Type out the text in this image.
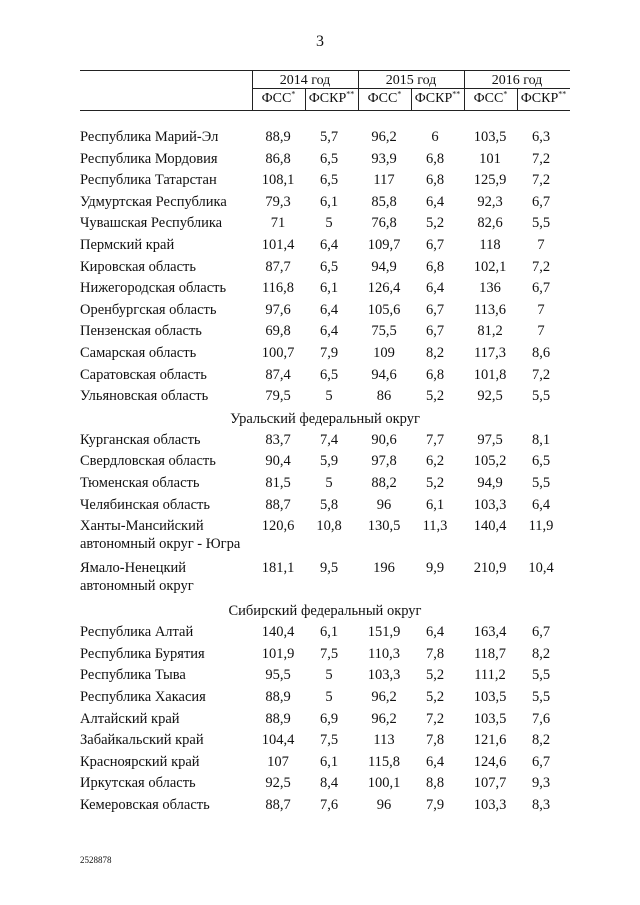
3
2014 год
ФСС* ФСКР**
2015 год
ФСС* ФСКР**
2016 год
ФСС* ФСКР**
Республика Марий-Эл	88,9	5,7	96,2	6	103,5	6,3
Республика Мордовия	86,8	6,5	93,9	6,8	101	7,2
Республика Татарстан	108,1	6,5	117	6,8	125,9	7,2
Удмуртская Республика	79,3	6,1	85,8	6,4	92,3	6,7
Чувашская Республика	71	5	76,8	5,2	82,6	5,5
Пермский край	101,4	6,4	109,7	6,7	118	7
Кировская область	87,7	6,5	94,9	6,8	102,1	7,2
Нижегородская область	116,8	6,1	126,4	6,4	136	6,7
Оренбургская область	97,6	6,4	105,6	6,7	113,6	7
Пензенская область	69,8	6,4	75,5	6,7	81,2	7
Самарская область	100,7	7,9	109	8,2	117,3	8,6
Саратовская область	87,4	6,5	94,6	6,8	101,8	7,2
Ульяновская область	79,5	5	86	5,2	92,5	5,5
Уральский федеральный округ
Курганская область	83,7	7,4	90,6	7,7	97,5	8,1
Свердловская область	90,4	5,9	97,8	6,2	105,2	6,5
Тюменская область	81,5	5	88,2	5,2	94,9	5,5
Челябинская область	88,7	5,8	96	6,1	103,3	6,4
Ханты-Мансийский
автономный округ - Югра
120,6	10,8	130,5	11,3	140,4	11,9
Ямало-Ненецкий
автономный округ
181,1	9,5	196	9,9	210,9	10,4
Сибирский федеральный округ
Республика Алтай	140,4	6,1	151,9	6,4	163,4	6,7
Республика Бурятия	101,9	7,5	110,3	7,8	118,7	8,2
Республика Тыва	95,5	5	103,3	5,2	111,2	5,5
Республика Хакасия	88,9	5	96,2	5,2	103,5	5,5
Алтайский край	88,9	6,9	96,2	7,2	103,5	7,6
Забайкальский край	104,4	7,5	113	7,8	121,6	8,2
Красноярский край	107	6,1	115,8	6,4	124,6	6,7
Иркутская область	92,5	8,4	100,1	8,8	107,7	9,3
Кемеровская область	88,7	7,6	96	7,9	103,3	8,3
2528878
